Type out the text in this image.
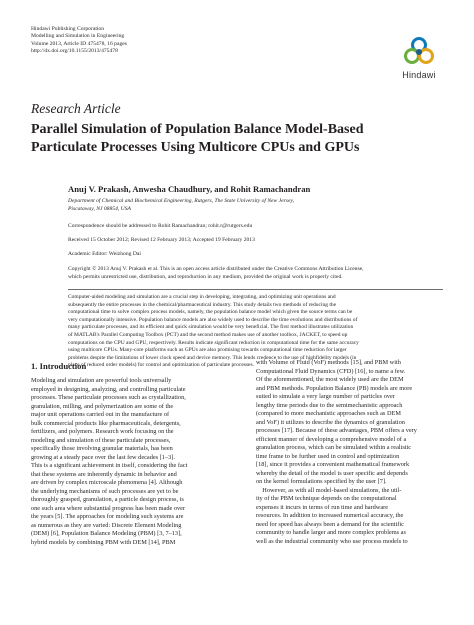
Hindawi Publishing Corporation
Modelling and Simulation in Engineering
Volume 2013, Article ID 475478, 16 pages
http://dx.doi.org/10.1155/2013/475478
Hindawi
Research Article
Parallel Simulation of Population Balance Model-Based
Particulate Processes Using Multicore CPUs and GPUs
Anuj V. Prakash, Anwesha Chaudhury, and Rohit Ramachandran
Department of Chemical and Biochemical Engineering, Rutgers, The State University of New Jersey,
Piscataway, NJ 08854, USA
Correspondence should be addressed to Rohit Ramachandran; rohit.r@rutgers.edu
Received 15 October 2012; Revised 12 February 2013; Accepted 19 February 2013
Academic Editor: Weizhong Dai
Copyright © 2013 Anuj V. Prakash et al. This is an open access article distributed under the Creative Commons Attribution License,
which permits unrestricted use, distribution, and reproduction in any medium, provided the original work is properly cited.
Computer-aided modeling and simulation are a crucial step in developing, integrating, and optimizing unit operations and
subsequently the entire processes in the chemical/pharmaceutical industry. This study details two methods of reducing the
computational time to solve complex process models, namely, the population balance model which given the source terms can be
very computationally intensive. Population balance models are also widely used to describe the time evolutions and distributions of
many particulate processes, and its efficient and quick simulation would be very beneficial. The first method illustrates utilization
of MATLAB's Parallel Computing Toolbox (PCT) and the second method makes use of another toolbox, JACKET, to speed up
computations on the CPU and GPU, respectively. Results indicate significant reduction in computational time for the same accuracy
using multicore CPUs. Many-core platforms such as GPUs are also promising towards computational time reduction for larger
problems despite the limitations of lower clock speed and device memory. This lends credence to the use of highfidelity models (in
place of reduced order models) for control and optimization of particulate processes.
1. Introduction
Modeling and simulation are powerful tools universally
employed in designing, analyzing, and controlling particulate
processes. These particulate processes such as crystallization,
granulation, milling, and polymerization are some of the
major unit operations carried out in the manufacture of
bulk commercial products like pharmaceuticals, detergents,
fertilizers, and polymers. Research work focusing on the
modeling and simulation of these particulate processes,
specifically those involving granular materials, has been
growing at a steady pace over the last few decades [1–3].
This is a significant achievement in itself, considering the fact
that these systems are inherently dynamic in behavior and
are driven by complex microscale phenomena [4]. Although
the underlying mechanisms of such processes are yet to be
thoroughly grasped, granulation, a particle design process, is
one such area where substantial progress has been made over
the years [5]. The approaches for modeling such systems are
as numerous as they are varied: Discrete Element Modeling
(DEM) [6], Population Balance Modeling (PBM) [3, 7–13],
hybrid models by combining PBM with DEM [14], PBM
with Volume of Fluid (VoF) methods [15], and PBM with
Computational Fluid Dynamics (CFD) [16], to name a few.
Of the aforementioned, the most widely used are the DEM
and PBM methods. Population Balance (PB) models are more
suited to simulate a very large number of particles over
lengthy time periods due to the semimechanistic approach
(compared to more mechanistic approaches such as DEM
and VoF) it utilizes to describe the dynamics of granulation
processes [17]. Because of these advantages, PBM offers a very
efficient manner of developing a comprehensive model of a
granulation process, which can be simulated within a realistic
time frame to be further used in control and optimization
[18], since it provides a convenient mathematical framework
whereby the detail of the model is user specific and depends
on the kernel formulations specified by the user [7].
However, as with all model-based simulations, the util-
ity of the PBM technique depends on the computational
expenses it incurs in terms of run time and hardware
resources. In addition to increased numerical accuracy, the
need for speed has always been a demand for the scientific
community to handle larger and more complex problems as
well as the industrial community who use process models to
